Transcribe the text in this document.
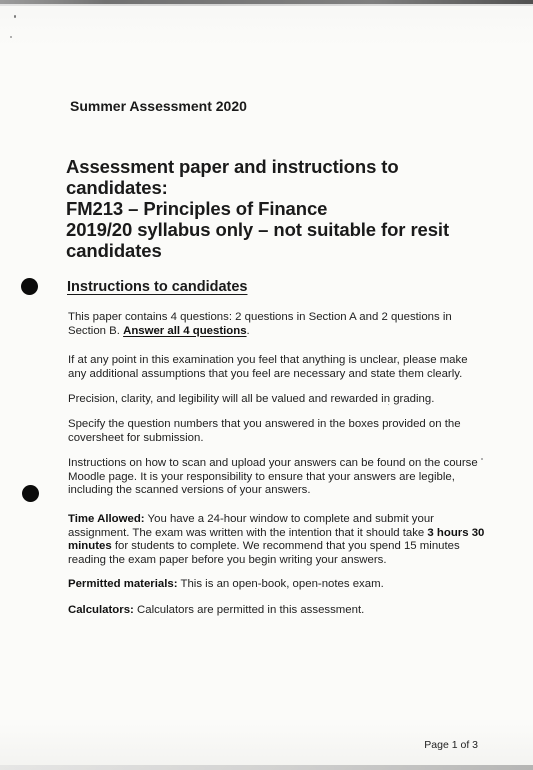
Summer Assessment 2020
Assessment paper and instructions to candidates:
FM213 – Principles of Finance
2019/20 syllabus only – not suitable for resit candidates
Instructions to candidates

This paper contains 4 questions: 2 questions in Section A and 2 questions in Section B. Answer all 4 questions.

If at any point in this examination you feel that anything is unclear, please make any additional assumptions that you feel are necessary and state them clearly.

Precision, clarity, and legibility will all be valued and rewarded in grading.

Specify the question numbers that you answered in the boxes provided on the coversheet for submission.

Instructions on how to scan and upload your answers can be found on the course Moodle page. It is your responsibility to ensure that your answers are legible, including the scanned versions of your answers.

Time Allowed: You have a 24-hour window to complete and submit your assignment. The exam was written with the intention that it should take 3 hours 30 minutes for students to complete. We recommend that you spend 15 minutes reading the exam paper before you begin writing your answers.

Permitted materials: This is an open-book, open-notes exam.

Calculators: Calculators are permitted in this assessment.

Page 1 of 3
